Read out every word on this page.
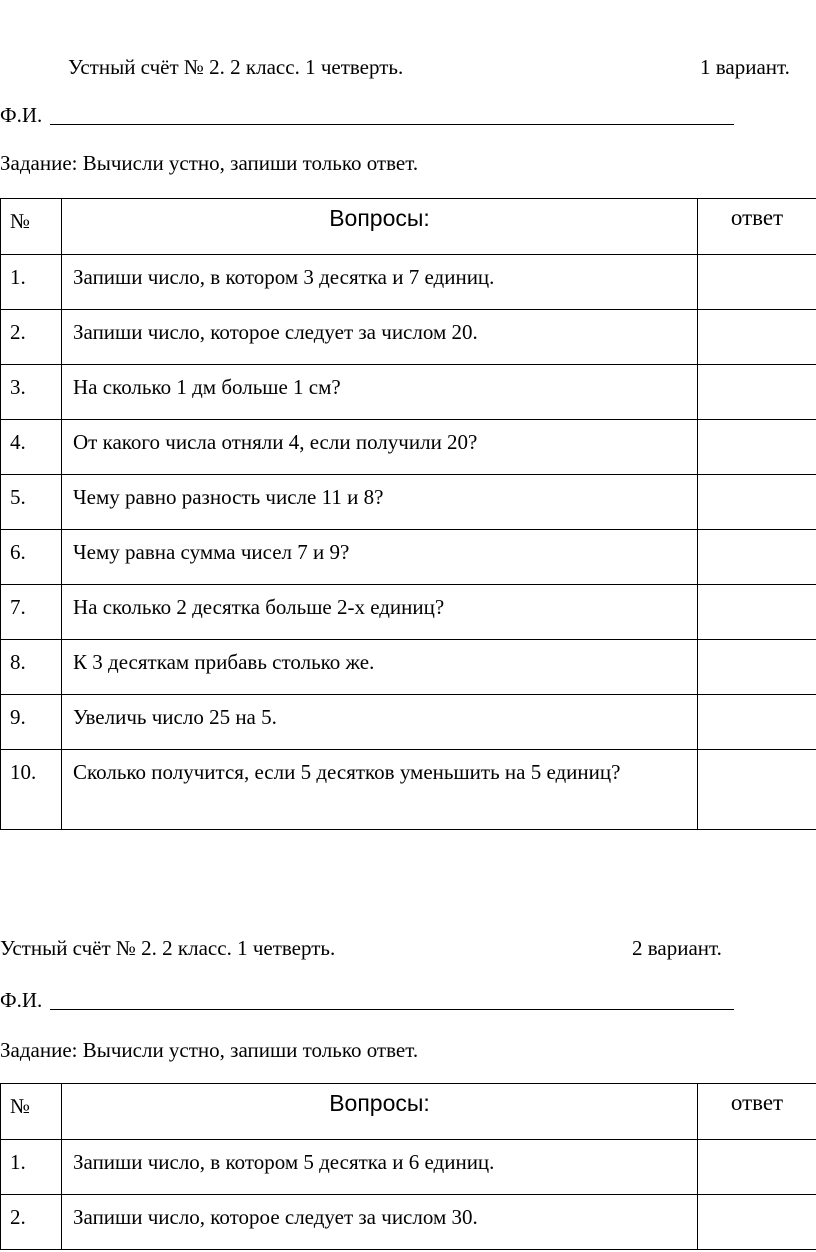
Устный счёт № 2. 2 класс. 1 четверть.	1 вариант.
Ф.И.
Задание: Вычисли устно, запиши только ответ.
№	Вопросы:	ответ
1.	Запиши число, в котором 3 десятка и 7 единиц.	
2.	Запиши число, которое следует за числом 20.	
3.	На сколько 1 дм больше 1 см?	
4.	От какого числа отняли 4, если получили 20?	
5.	Чему равно разность числе 11 и 8?	
6.	Чему равна сумма чисел 7 и 9?	
7.	На сколько 2 десятка больше 2-х единиц?	
8.	К 3 десяткам прибавь столько же.	
9.	Увеличь число 25 на 5.	
10.	Сколько получится, если 5 десятков уменьшить на 5 единиц?	
Устный счёт № 2. 2 класс. 1 четверть.	2 вариант.
Ф.И.
Задание: Вычисли устно, запиши только ответ.
№	Вопросы:	ответ
1.	Запиши число, в котором 5 десятка и 6 единиц.	
2.	Запиши число, которое следует за числом 30.	
